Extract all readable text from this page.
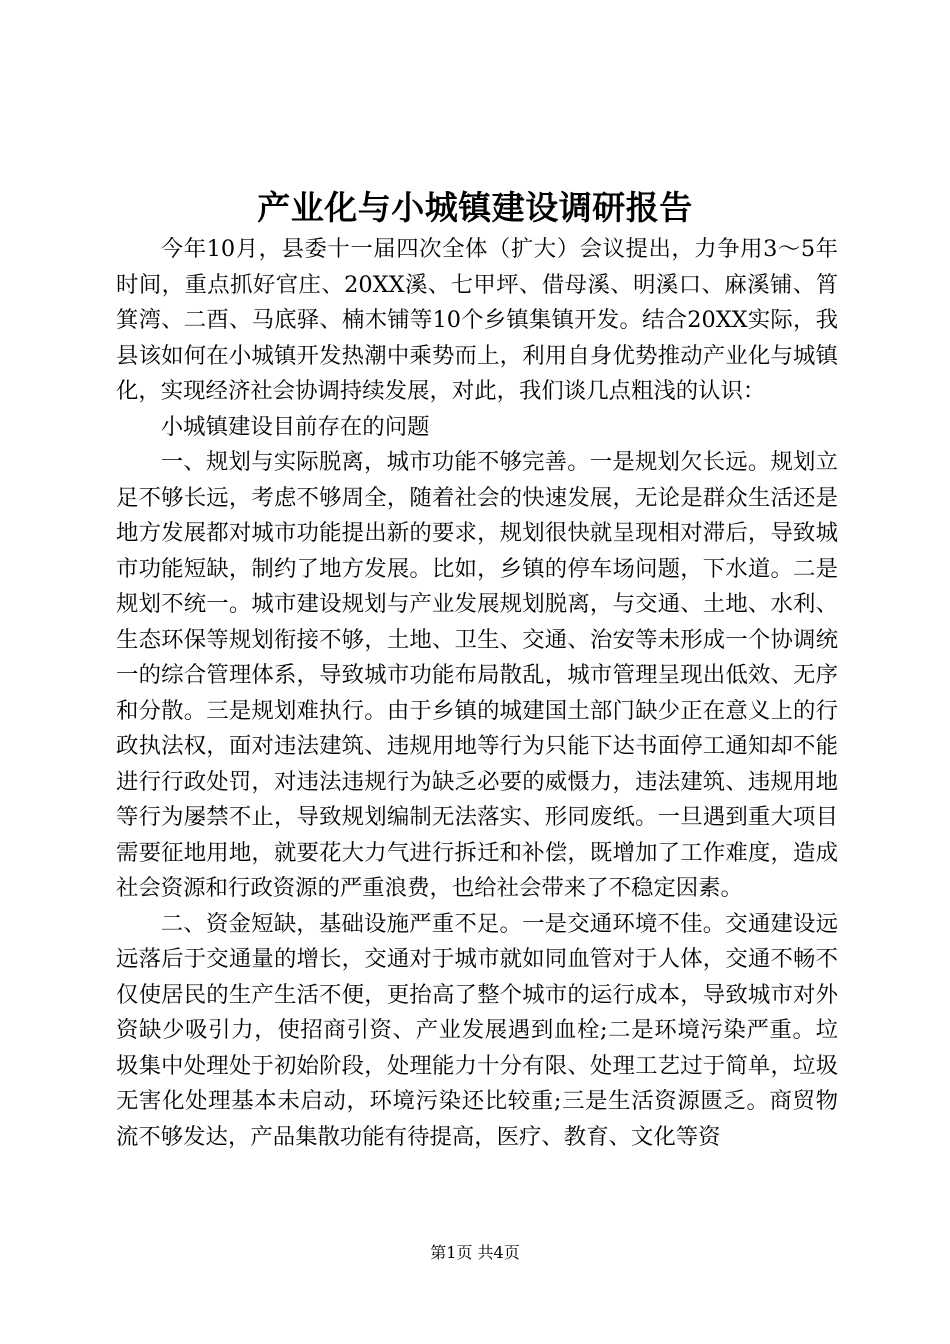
产业化与小城镇建设调研报告

今年10月，县委十一届四次全体（扩大）会议提出，力争用3～5年时间，重点抓好官庄、20XX溪、七甲坪、借母溪、明溪口、麻溪铺、筲箕湾、二酉、马底驿、楠木铺等10个乡镇集镇开发。结合20XX实际，我县该如何在小城镇开发热潮中乘势而上，利用自身优势推动产业化与城镇化，实现经济社会协调持续发展，对此，我们谈几点粗浅的认识：

小城镇建设目前存在的问题

一、规划与实际脱离，城市功能不够完善。一是规划欠长远。规划立足不够长远，考虑不够周全，随着社会的快速发展，无论是群众生活还是地方发展都对城市功能提出新的要求，规划很快就呈现相对滞后，导致城市功能短缺，制约了地方发展。比如，乡镇的停车场问题，下水道。二是规划不统一。城市建设规划与产业发展规划脱离，与交通、土地、水利、生态环保等规划衔接不够，土地、卫生、交通、治安等未形成一个协调统一的综合管理体系，导致城市功能布局散乱，城市管理呈现出低效、无序和分散。三是规划难执行。由于乡镇的城建国土部门缺少正在意义上的行政执法权，面对违法建筑、违规用地等行为只能下达书面停工通知却不能进行行政处罚，对违法违规行为缺乏必要的威慑力，违法建筑、违规用地等行为屡禁不止，导致规划编制无法落实、形同废纸。一旦遇到重大项目需要征地用地，就要花大力气进行拆迁和补偿，既增加了工作难度，造成社会资源和行政资源的严重浪费，也给社会带来了不稳定因素。

二、资金短缺，基础设施严重不足。一是交通环境不佳。交通建设远远落后于交通量的增长，交通对于城市就如同血管对于人体，交通不畅不仅使居民的生产生活不便，更抬高了整个城市的运行成本，导致城市对外资缺少吸引力，使招商引资、产业发展遇到血栓;二是环境污染严重。垃圾集中处理处于初始阶段，处理能力十分有限、处理工艺过于简单，垃圾无害化处理基本未启动，环境污染还比较重;三是生活资源匮乏。商贸物流不够发达，产品集散功能有待提高，医疗、教育、文化等资

第1页 共4页
